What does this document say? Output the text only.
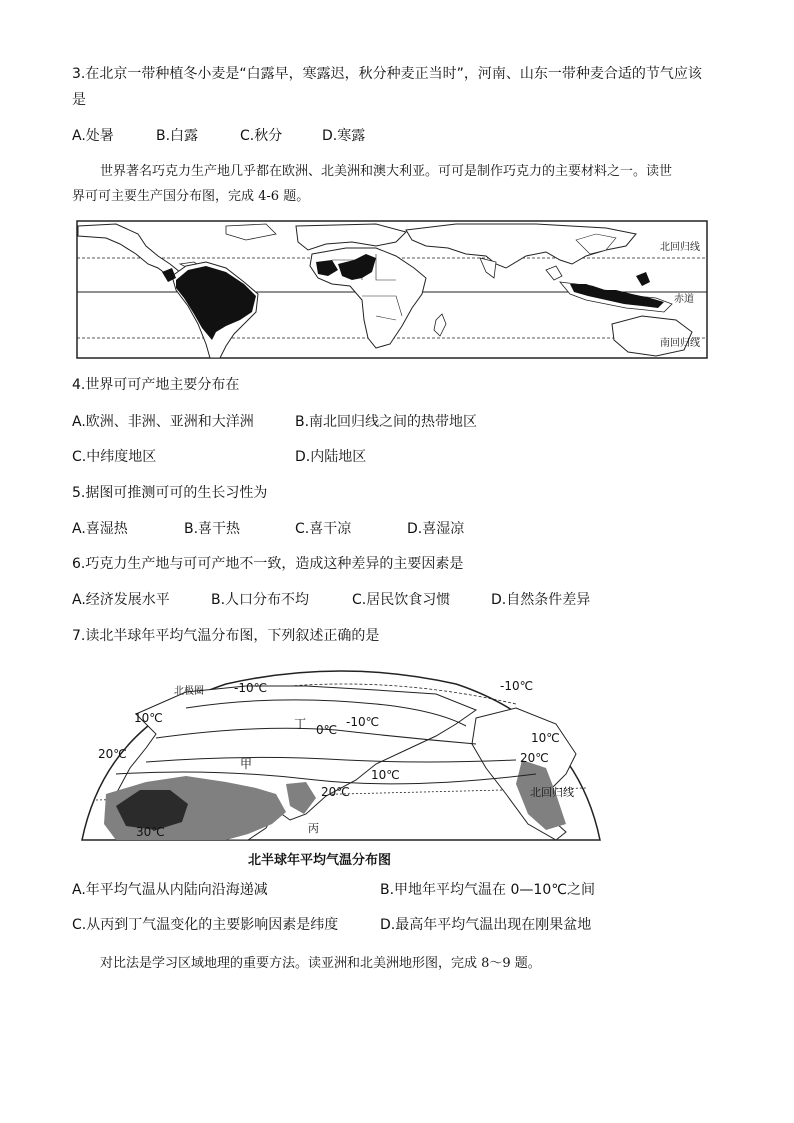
3.在北京一带种植冬小麦是“白露早，寒露迟，秋分种麦正当时”，河南、山东一带种麦合适的节气应该
是
A.处暑	B.白露	C.秋分	D.寒露
世界著名巧克力生产地几乎都在欧洲、北美洲和澳大利亚。可可是制作巧克力的主要材料之一。读世
界可可主要生产国分布图，完成 4-6 题。
北回归线
赤道
南回归线
4.世界可可产地主要分布在
A.欧洲、非洲、亚洲和大洋洲	B.南北回归线之间的热带地区
C.中纬度地区	D.内陆地区
5.据图可推测可可的生长习性为
A.喜湿热	B.喜干热	C.喜干凉	D.喜湿凉
6.巧克力生产地与可可产地不一致，造成这种差异的主要因素是
A.经济发展水平	B.人口分布不均	C.居民饮食习惯	D.自然条件差异
7.读北半球年平均气温分布图，下列叙述正确的是
北极圈	-10℃
10℃
20℃
0℃
10℃
20℃
-10℃
-10℃
10℃
20℃
30℃
甲
丁
丙
北回归线
北半球年平均气温分布图
A.年平均气温从内陆向沿海递减	B.甲地年平均气温在 0—10℃之间
C.从丙到丁气温变化的主要影响因素是纬度	D.最高年平均气温出现在刚果盆地
对比法是学习区域地理的重要方法。读亚洲和北美洲地形图，完成 8～9 题。
